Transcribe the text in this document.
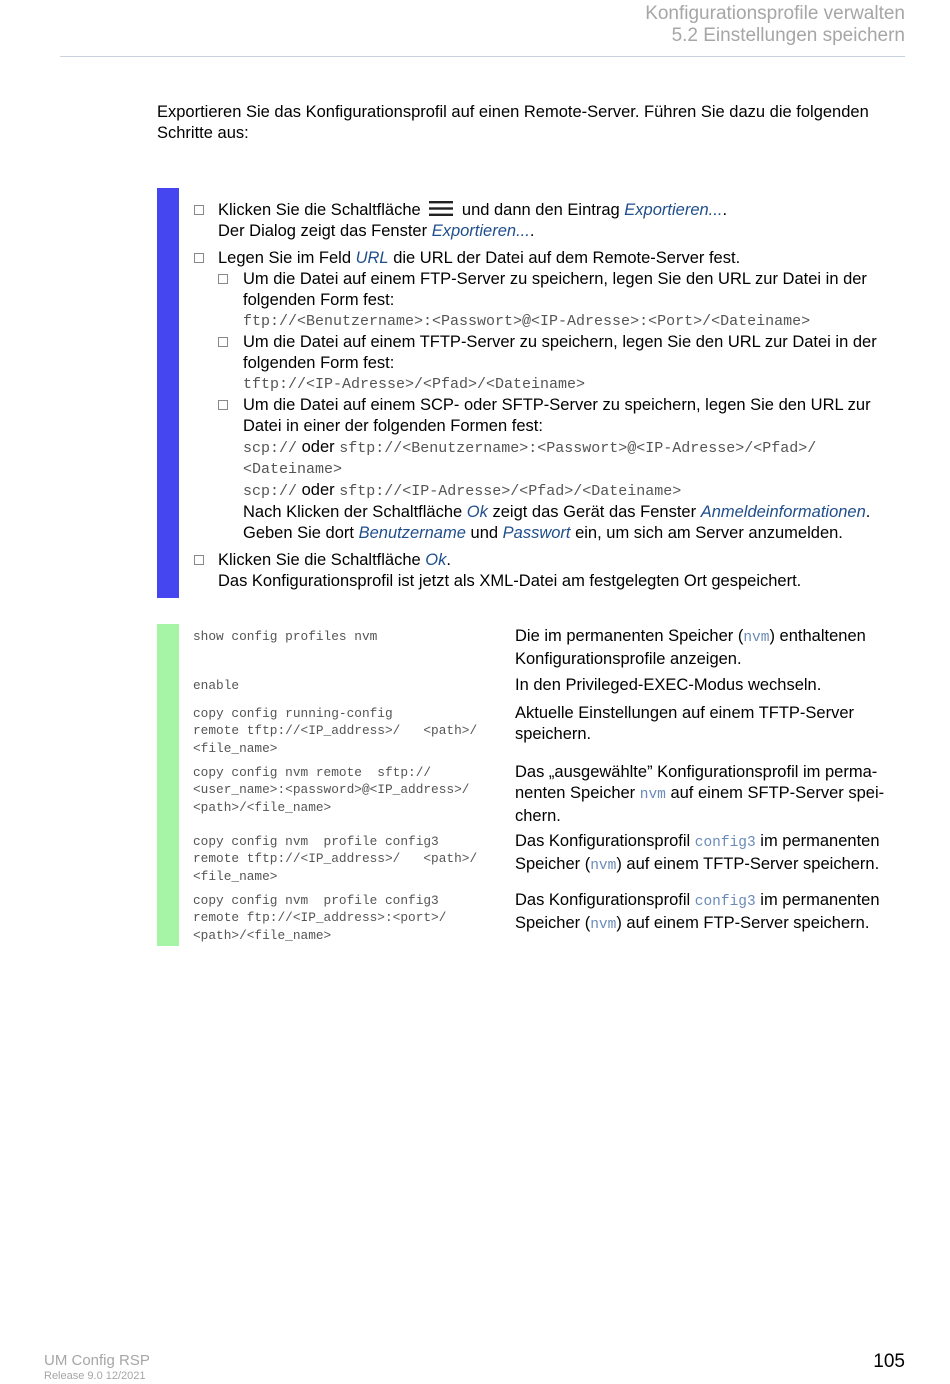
Konfigurationsprofile verwalten
5.2 Einstellungen speichern

Exportieren Sie das Konfigurationsprofil auf einen Remote-Server. Führen Sie dazu die folgenden Schritte aus:

Klicken Sie die Schaltfläche und dann den Eintrag Exportieren....
Der Dialog zeigt das Fenster Exportieren....
Legen Sie im Feld URL die URL der Datei auf dem Remote-Server fest.
Um die Datei auf einem FTP-Server zu speichern, legen Sie den URL zur Datei in der folgenden Form fest:
ftp://<Benutzername>:<Passwort>@<IP-Adresse>:<Port>/<Dateiname>
Um die Datei auf einem TFTP-Server zu speichern, legen Sie den URL zur Datei in der folgenden Form fest:
tftp://<IP-Adresse>/<Pfad>/<Dateiname>
Um die Datei auf einem SCP- oder SFTP-Server zu speichern, legen Sie den URL zur Datei in einer der folgenden Formen fest:
scp:// oder sftp://<Benutzername>:<Passwort>@<IP-Adresse>/<Pfad>/
<Dateiname>
scp:// oder sftp://<IP-Adresse>/<Pfad>/<Dateiname>
Nach Klicken der Schaltfläche Ok zeigt das Gerät das Fenster Anmeldeinformationen.
Geben Sie dort Benutzername und Passwort ein, um sich am Server anzumelden.
Klicken Sie die Schaltfläche Ok.
Das Konfigurationsprofil ist jetzt als XML-Datei am festgelegten Ort gespeichert.
show config profiles nvm	Die im permanenten Speicher (nvm) enthaltenen Konfigurationsprofile anzeigen.
enable	In den Privileged-EXEC-Modus wechseln.
copy config running-config
remote tftp://<IP_address>/   <path>/
<file_name>
Aktuelle Einstellungen auf einem TFTP-Server speichern.
copy config nvm remote  sftp://
<user_name>:<password>@<IP_address>/
<path>/<file_name>
Das „ausgewählte” Konfigurationsprofil im perma-nenten Speicher nvm auf einem SFTP-Server spei-chern.
copy config nvm  profile config3
remote tftp://<IP_address>/   <path>/
<file_name>
Das Konfigurationsprofil config3 im permanenten Speicher (nvm) auf einem TFTP-Server speichern.
copy config nvm  profile config3
remote ftp://<IP_address>:<port>/
<path>/<file_name>
Das Konfigurationsprofil config3 im permanenten Speicher (nvm) auf einem FTP-Server speichern.
UM Config RSP
Release 9.0 12/2021
105
